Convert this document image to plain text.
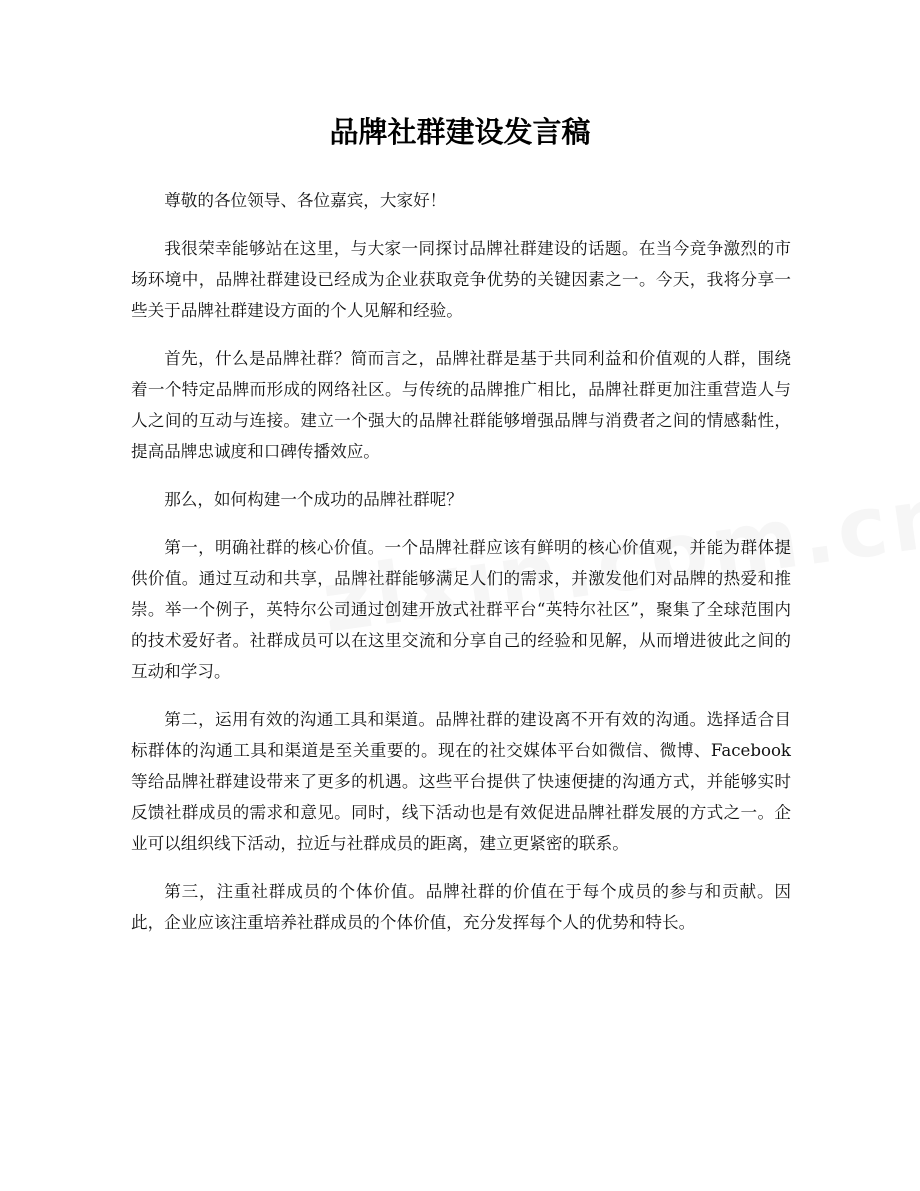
品牌社群建设发言稿

尊敬的各位领导、各位嘉宾，大家好！

我很荣幸能够站在这里，与大家一同探讨品牌社群建设的话题。在当今竞争激烈的市场环境中，品牌社群建设已经成为企业获取竞争优势的关键因素之一。今天，我将分享一些关于品牌社群建设方面的个人见解和经验。

首先，什么是品牌社群？简而言之，品牌社群是基于共同利益和价值观的人群，围绕着一个特定品牌而形成的网络社区。与传统的品牌推广相比，品牌社群更加注重营造人与人之间的互动与连接。建立一个强大的品牌社群能够增强品牌与消费者之间的情感黏性，提高品牌忠诚度和口碑传播效应。

那么，如何构建一个成功的品牌社群呢？

第一，明确社群的核心价值。一个品牌社群应该有鲜明的核心价值观，并能为群体提供价值。通过互动和共享，品牌社群能够满足人们的需求，并激发他们对品牌的热爱和推崇。举一个例子，英特尔公司通过创建开放式社群平台“英特尔社区”，聚集了全球范围内的技术爱好者。社群成员可以在这里交流和分享自己的经验和见解，从而增进彼此之间的互动和学习。

第二，运用有效的沟通工具和渠道。品牌社群的建设离不开有效的沟通。选择适合目标群体的沟通工具和渠道是至关重要的。现在的社交媒体平台如微信、微博、Facebook等给品牌社群建设带来了更多的机遇。这些平台提供了快速便捷的沟通方式，并能够实时反馈社群成员的需求和意见。同时，线下活动也是有效促进品牌社群发展的方式之一。企业可以组织线下活动，拉近与社群成员的距离，建立更紧密的联系。

第三，注重社群成员的个体价值。品牌社群的价值在于每个成员的参与和贡献。因此，企业应该注重培养社群成员的个体价值，充分发挥每个人的优势和特长。
